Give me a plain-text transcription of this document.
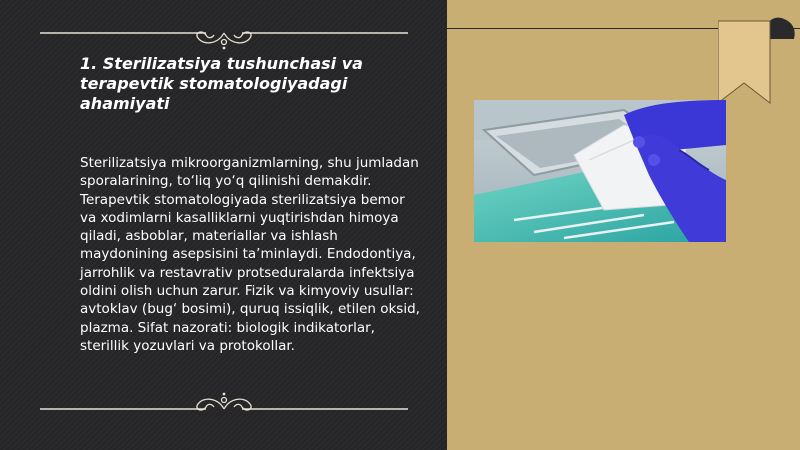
1. Sterilizatsiya tushunchasi va terapevtik stomatologiyadagi ahamiyati

Sterilizatsiya mikroorganizmlarning, shu jumladan sporalarining, to‘liq yo‘q qilinishi demakdir. Terapevtik stomatologiyada sterilizatsiya bemor va xodimlarni kasalliklarni yuqtirishdan himoya qiladi, asboblar, materiallar va ishlash maydonining asepsisini ta’minlaydi. Endodontiya, jarrohlik va restavrativ protseduralarda infektsiya oldini olish uchun zarur. Fizik va kimyoviy usullar: avtoklav (bug‘ bosimi), quruq issiqlik, etilen oksid, plazma. Sifat nazorati: biologik indikatorlar, sterillik yozuvlari va protokollar.
